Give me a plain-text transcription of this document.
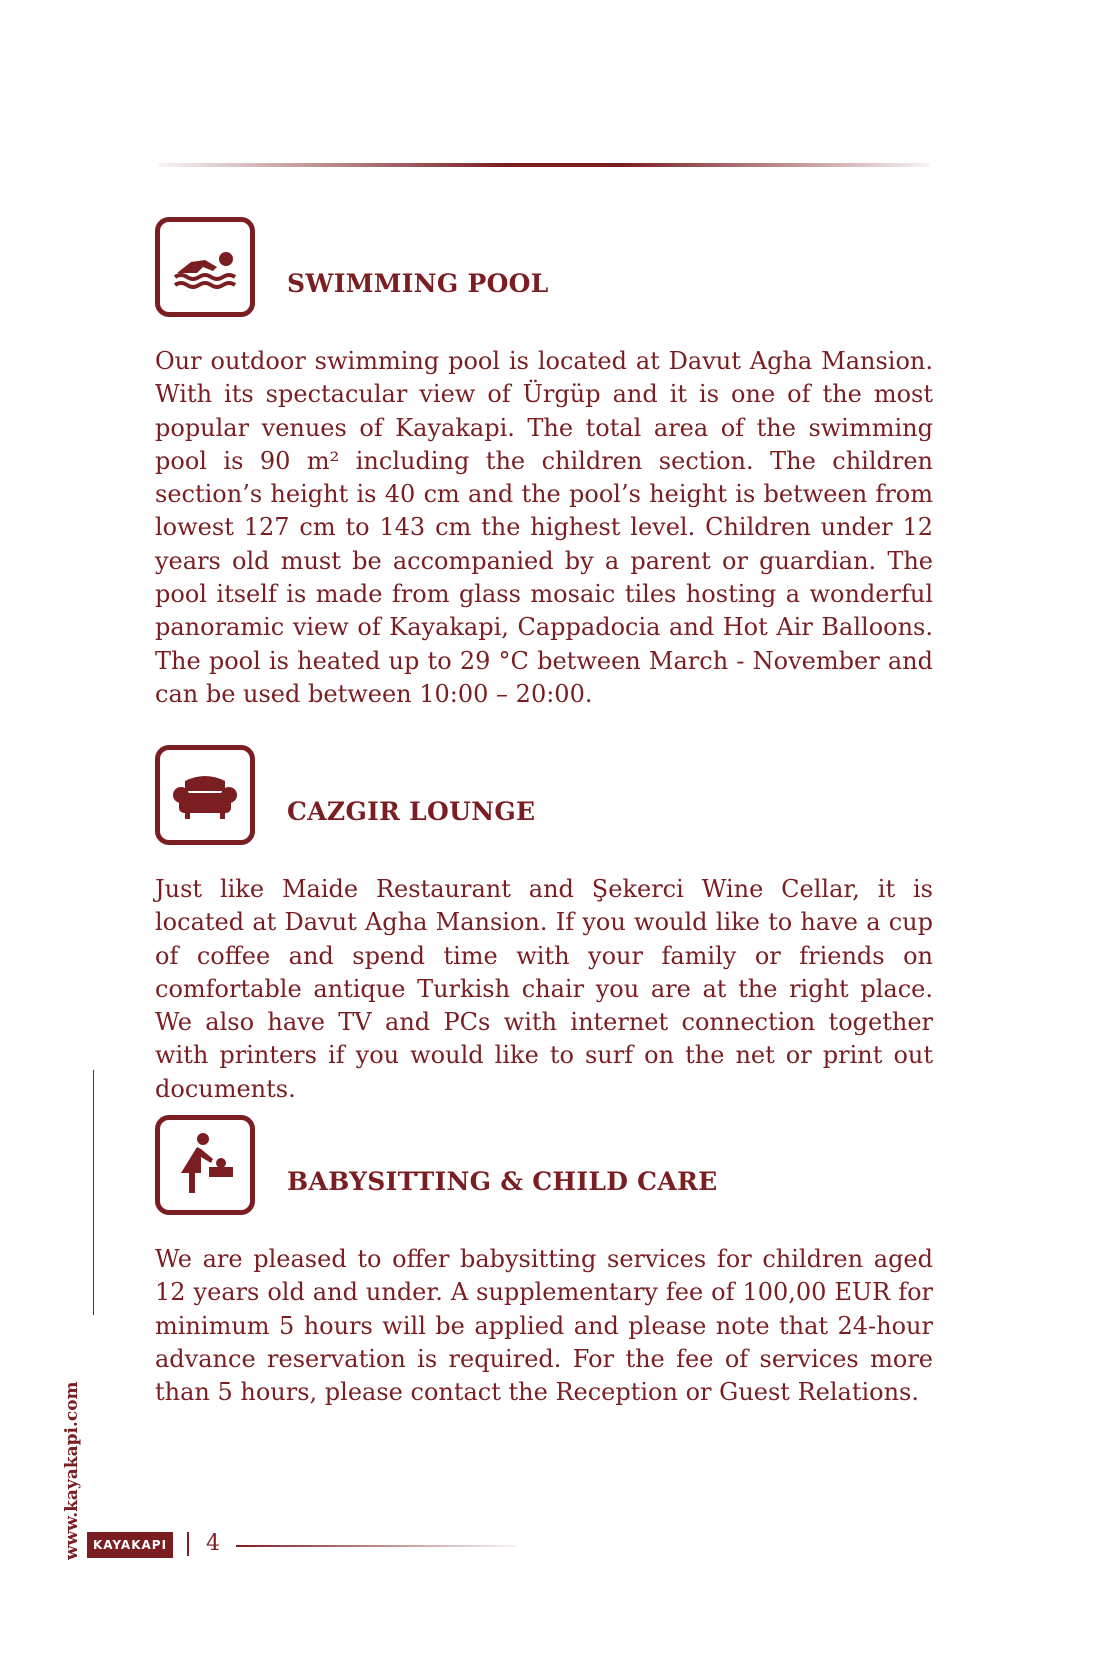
SWIMMING POOL

Our outdoor swimming pool is located at Davut Agha Mansion. With its spectacular view of Ürgüp and it is one of the most popular venues of Kayakapi. The total area of the swimming pool is 90 m² including the children section. The children section’s height is 40 cm and the pool’s height is between from lowest 127 cm to 143 cm the highest level. Children under 12 years old must be accompanied by a parent or guardian. The pool itself is made from glass mosaic tiles hosting a wonderful panoramic view of Kayakapi, Cappadocia and Hot Air Balloons. The pool is heated up to 29 °C between March - November and can be used between 10:00 – 20:00.

CAZGIR LOUNGE

Just like Maide Restaurant and Şekerci Wine Cellar, it is located at Davut Agha Mansion. If you would like to have a cup of coffee and spend time with your family or friends on comfortable antique Turkish chair you are at the right place. We also have TV and PCs with internet connection together with printers if you would like to surf on the net or print out documents.

BABYSITTING & CHILD CARE

We are pleased to offer babysitting services for children aged 12 years old and under. A supplementary fee of 100,00 EUR for minimum 5 hours will be applied and please note that 24-hour advance reservation is required. For the fee of services more than 5 hours, please contact the Reception or Guest Relations.

www.kayakapi.com KAYAKAPI 4
